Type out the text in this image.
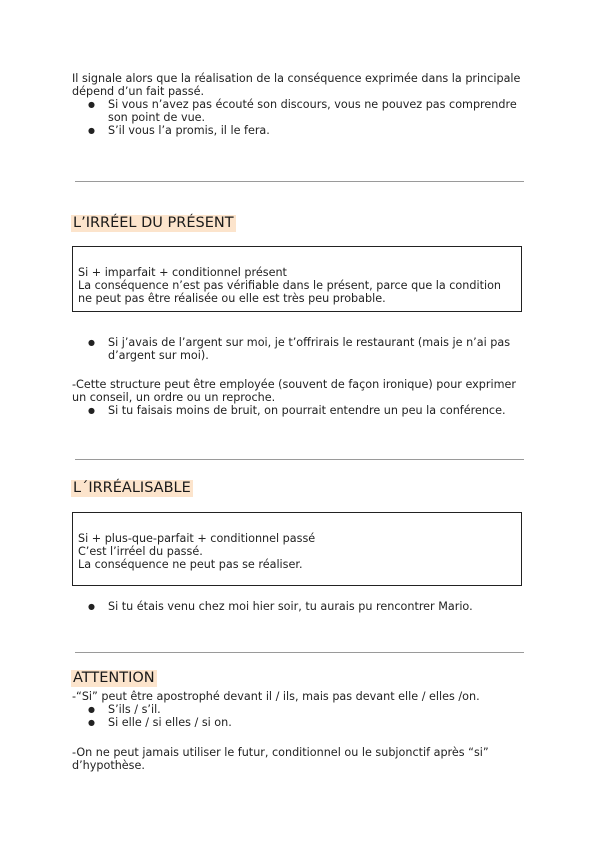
Il signale alors que la réalisation de la conséquence exprimée dans la principale dépend d’un fait passé.

● Si vous n’avez pas écouté son discours, vous ne pouvez pas comprendre son point de vue.
● S’il vous l’a promis, il le fera.
L’IRRÉEL DU PRÉSENT

Si + imparfait + conditionnel présent

La conséquence n’est pas vérifiable dans le présent, parce que la condition ne peut pas être réalisée ou elle est très peu probable.

● Si j’avais de l’argent sur moi, je t’offrirais le restaurant (mais je n’ai pas d’argent sur moi).

-Cette structure peut être employée (souvent de façon ironique) pour exprimer un conseil, un ordre ou un reproche.

● Si tu faisais moins de bruit, on pourrait entendre un peu la conférence.
L´IRRÉALISABLE

Si + plus-que-parfait + conditionnel passé

C’est l’irréel du passé.

La conséquence ne peut pas se réaliser.

● Si tu étais venu chez moi hier soir, tu aurais pu rencontrer Mario.
ATTENTION

-“Si” peut être apostrophé devant il / ils, mais pas devant elle / elles /on.

● S’ils / s’il.
● Si elle / si elles / si on.

-On ne peut jamais utiliser le futur, conditionnel ou le subjonctif après “si” d’hypothèse.
